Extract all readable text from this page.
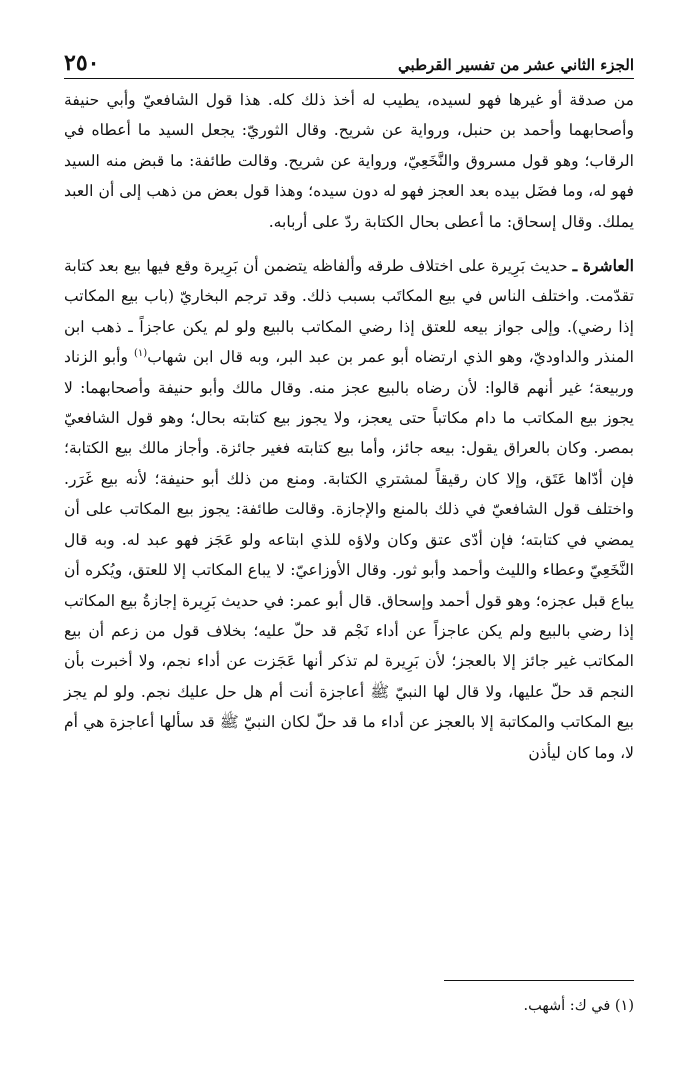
٢٥٠	الجزء الثاني عشر من تفسير القرطبي

من صدقة أو غيرها فهو لسيده، يطيب له أخذ ذلك كله. هذا قول الشافعيّ وأبي حنيفة وأصحابهما وأحمد بن حنبل، ورواية عن شريح. وقال الثوريّ: يجعل السيد ما أعطاه في الرقاب؛ وهو قول مسروق والنَّخَعِيّ، ورواية عن شريح. وقالت طائفة: ما قبض منه السيد فهو له، وما فضَل بيده بعد العجز فهو له دون سيده؛ وهذا قول بعض من ذهب إلى أن العبد يملك. وقال إسحاق: ما أعطى بحال الكتابة ردّ على أربابه.

العاشرة ـ حديث بَرِيرة على اختلاف طرقه وألفاظه يتضمن أن بَرِيرة وقع فيها بيع بعد كتابة تقدّمت. واختلف الناس في بيع المكاتَب بسبب ذلك. وقد ترجم البخاريّ (باب بيع المكاتب إذا رضي). وإلى جواز بيعه للعتق إذا رضي المكاتب بالبيع ولو لم يكن عاجزاً ـ ذهب ابن المنذر والداوديّ، وهو الذي ارتضاه أبو عمر بن عبد البر، وبه قال ابن شهاب$^{(١)}$ وأبو الزناد وربيعة؛ غير أنهم قالوا: لأن رضاه بالبيع عجز منه. وقال مالك وأبو حنيفة وأصحابهما: لا يجوز بيع المكاتب ما دام مكاتباً حتى يعجز، ولا يجوز بيع كتابته بحال؛ وهو قول الشافعيّ بمصر. وكان بالعراق يقول: بيعه جائز، وأما بيع كتابته فغير جائزة. وأجاز مالك بيع الكتابة؛ فإن أدّاها عَتَق، وإلا كان رقيقاً لمشتري الكتابة. ومنع من ذلك أبو حنيفة؛ لأنه بيع غَرَر. واختلف قول الشافعيّ في ذلك بالمنع والإجازة. وقالت طائفة: يجوز بيع المكاتب على أن يمضي في كتابته؛ فإن أدّى عتق وكان ولاؤه للذي ابتاعه ولو عَجَز فهو عبد له. وبه قال النَّخَعِيّ وعطاء والليث وأحمد وأبو ثور. وقال الأوزاعيّ: لا يباع المكاتب إلا للعتق، ويُكره أن يباع قبل عجزه؛ وهو قول أحمد وإسحاق. قال أبو عمر: في حديث بَرِيرة إجازةُ بيع المكاتب إذا رضي بالبيع ولم يكن عاجزاً عن أداء نَجْم قد حلّ عليه؛ بخلاف قول من زعم أن بيع المكاتب غير جائز إلا بالعجز؛ لأن بَرِيرة لم تذكر أنها عَجَزت عن أداء نجم، ولا أخبرت بأن النجم قد حلّ عليها، ولا قال لها النبيّ ﷺ أعاجزة أنت أم هل حل عليك نجم. ولو لم يجز بيع المكاتب والمكاتبة إلا بالعجز عن أداء ما قد حلّ لكان النبيّ ﷺ قد سألها أعاجزة هي أم لا، وما كان ليأذن

(١) في ك: أشهب.
